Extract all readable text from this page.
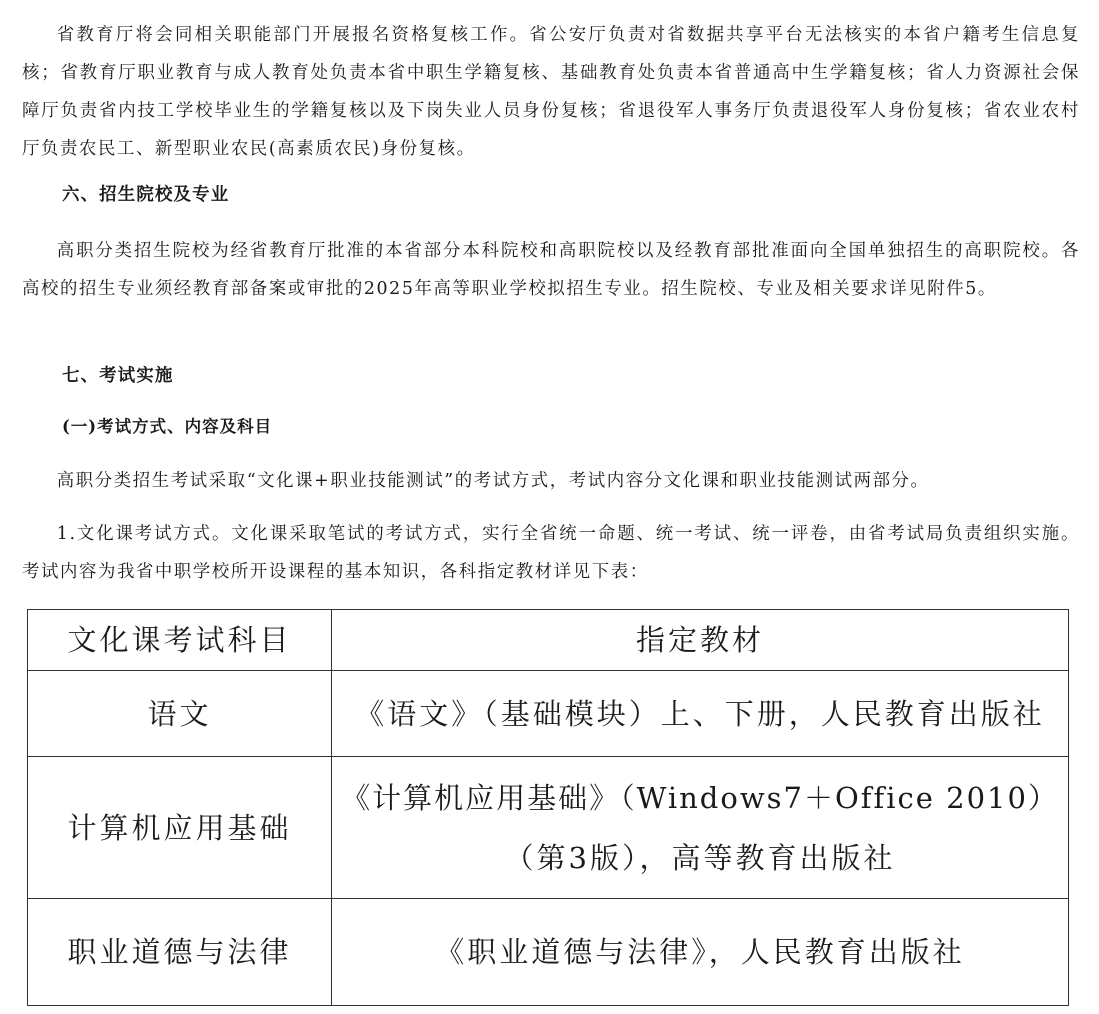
省教育厅将会同相关职能部门开展报名资格复核工作。省公安厅负责对省数据共享平台无法核实的本省户籍考生信息复核；省教育厅职业教育与成人教育处负责本省中职生学籍复核、基础教育处负责本省普通高中生学籍复核；省人力资源社会保障厅负责省内技工学校毕业生的学籍复核以及下岗失业人员身份复核；省退役军人事务厅负责退役军人身份复核；省农业农村厅负责农民工、新型职业农民(高素质农民)身份复核。

六、招生院校及专业

高职分类招生院校为经省教育厅批准的本省部分本科院校和高职院校以及经教育部批准面向全国单独招生的高职院校。各高校的招生专业须经教育部备案或审批的2025年高等职业学校拟招生专业。招生院校、专业及相关要求详见附件5。

七、考试实施
(一)考试方式、内容及科目

高职分类招生考试采取“文化课+职业技能测试”的考试方式，考试内容分文化课和职业技能测试两部分。

1.文化课考试方式。文化课采取笔试的考试方式，实行全省统一命题、统一考试、统一评卷，由省考试局负责组织实施。考试内容为我省中职学校所开设课程的基本知识，各科指定教材详见下表：

文化课考试科目	指定教材
语文	《语文》（基础模块）上、下册，人民教育出版社

计算机应用基础	《计算机应用基础》（Windows7＋Office 2010）
（第3版），高等教育出版社

职业道德与法律	《职业道德与法律》，人民教育出版社
